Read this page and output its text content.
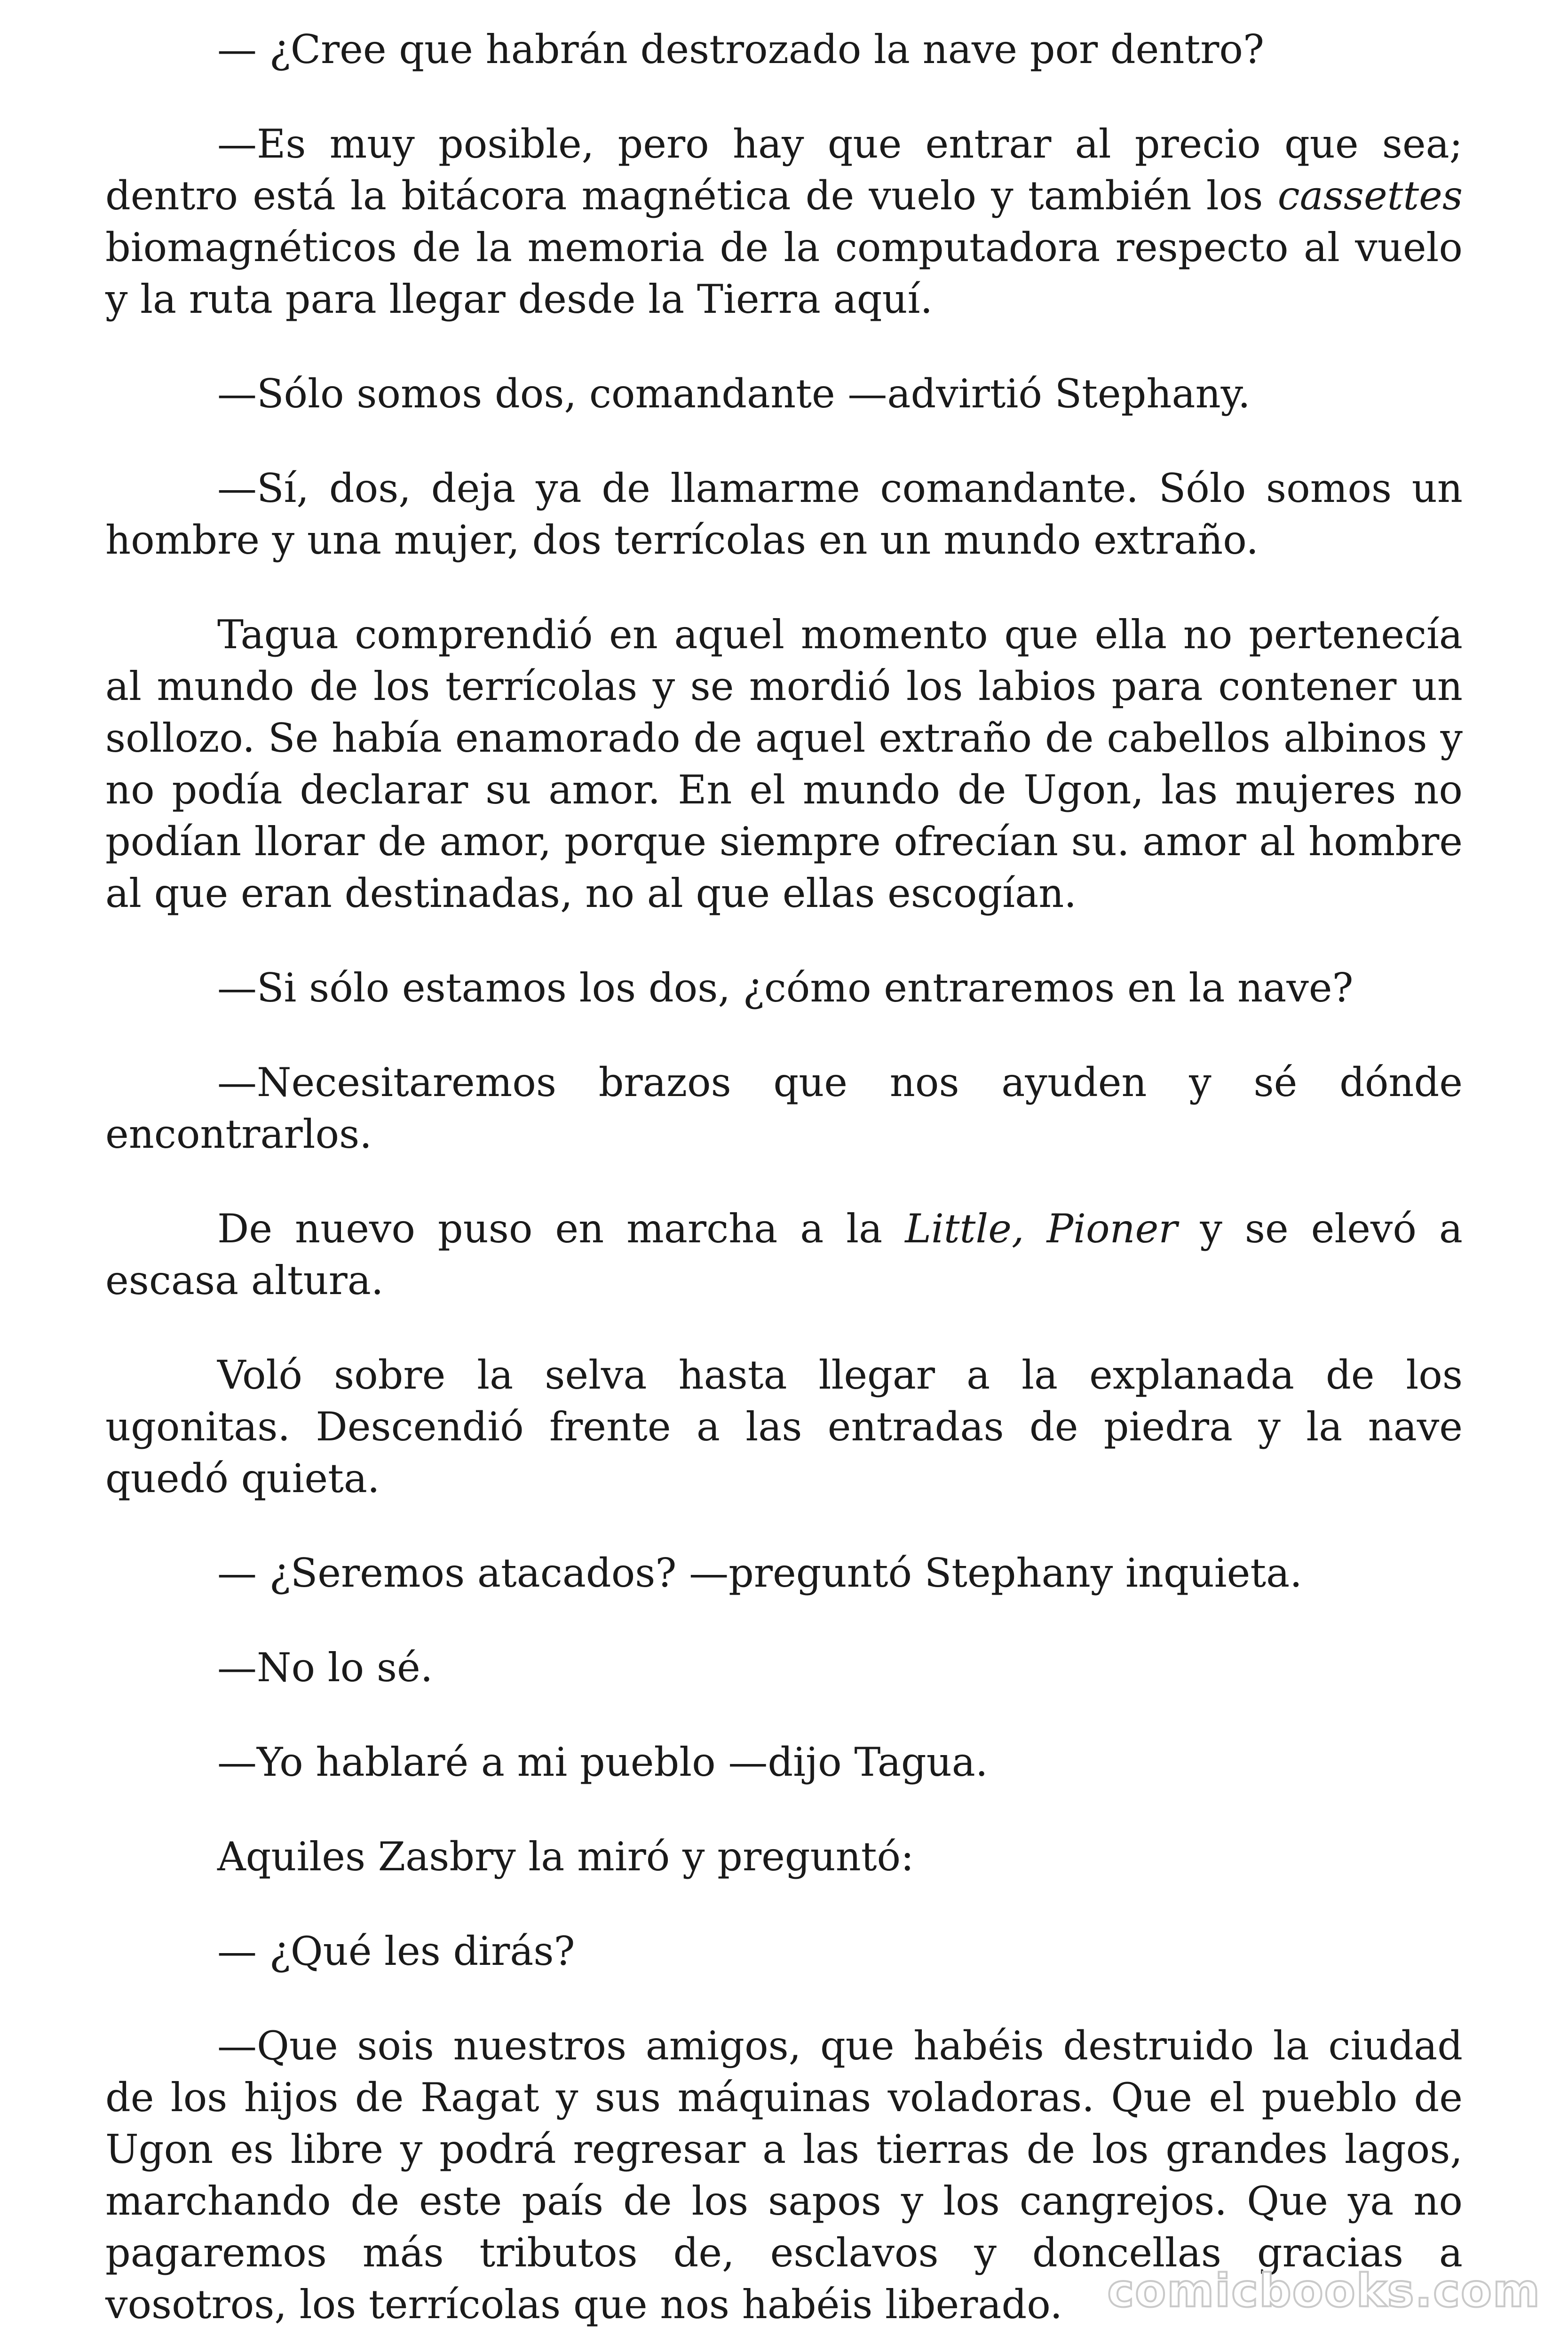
— ¿Cree que habrán destrozado la nave por dentro?

—Es muy posible, pero hay que entrar al precio que sea; dentro está la bitácora magnética de vuelo y también los cassettes biomagnéticos de la memoria de la computadora respecto al vuelo y la ruta para llegar desde la Tierra aquí.

—Sólo somos dos, comandante —advirtió Stephany.

—Sí, dos, deja ya de llamarme comandante. Sólo somos un hombre y una mujer, dos terrícolas en un mundo extraño.

Tagua comprendió en aquel momento que ella no pertenecía al mundo de los terrícolas y se mordió los labios para contener un sollozo. Se había enamorado de aquel extraño de cabellos albinos y no podía declarar su amor. En el mundo de Ugon, las mujeres no podían llorar de amor, porque siempre ofrecían su. amor al hombre al que eran destinadas, no al que ellas escogían.

—Si sólo estamos los dos, ¿cómo entraremos en la nave?

—Necesitaremos brazos que nos ayuden y sé dónde encontrarlos.

De nuevo puso en marcha a la Little, Pioner y se elevó a escasa altura.

Voló sobre la selva hasta llegar a la explanada de los ugonitas. Descendió frente a las entradas de piedra y la nave quedó quieta.

— ¿Seremos atacados? —preguntó Stephany inquieta.

—No lo sé.

—Yo hablaré a mi pueblo —dijo Tagua.

Aquiles Zasbry la miró y preguntó:

— ¿Qué les dirás?

—Que sois nuestros amigos, que habéis destruido la ciudad de los hijos de Ragat y sus máquinas voladoras. Que el pueblo de Ugon es libre y podrá regresar a las tierras de los grandes lagos, marchando de este país de los sapos y los cangrejos. Que ya no pagaremos más tributos de, esclavos y doncellas gracias a vosotros, los terrícolas que nos habéis liberado. comicbooks.com
